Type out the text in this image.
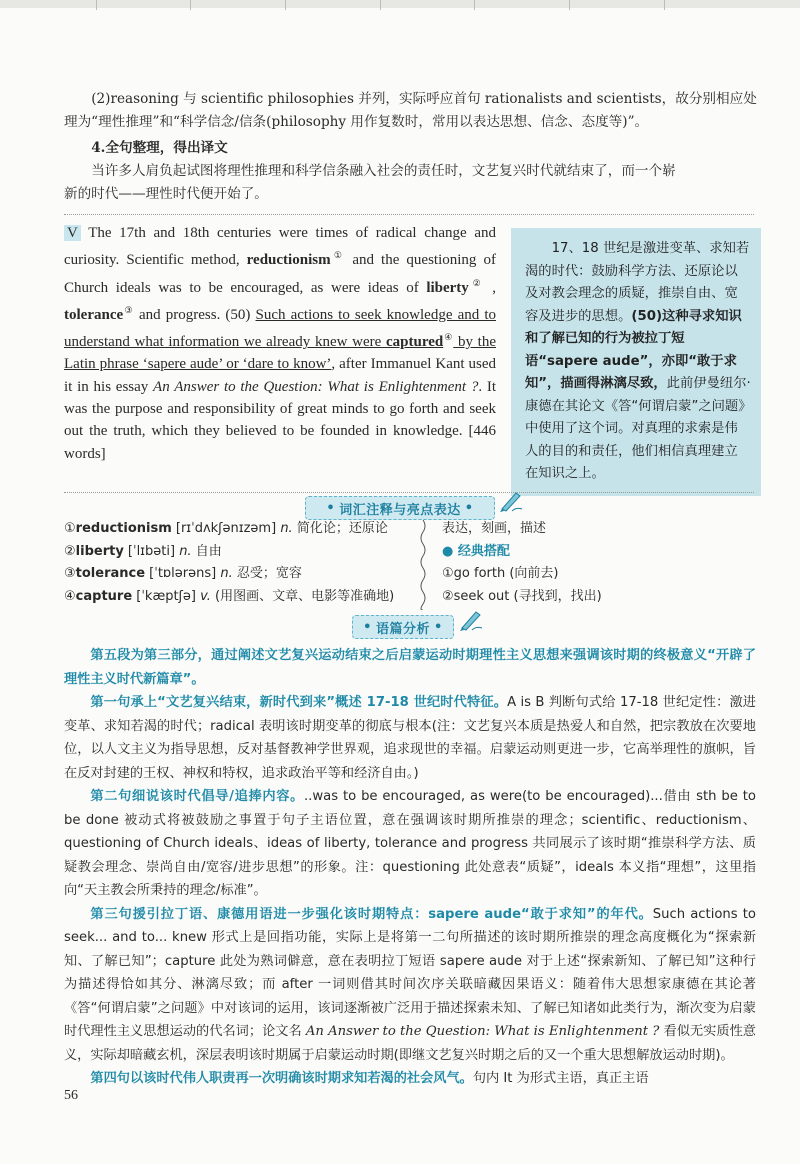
(2)reasoning 与 scientific philosophies 并列，实际呼应首句 rationalists and scientists，故分别相应处
理为“理性推理”和“科学信念/信条(philosophy 用作复数时，常用以表达思想、信念、态度等)”。
4.全句整理，得出译文
当许多人肩负起试图将理性推理和科学信条融入社会的责任时，文艺复兴时代就结束了，而一个崭
新的时代——理性时代便开始了。
V The 17th and 18th centuries were times of radical change and curiosity. Scientific method, reductionism① and the questioning of Church ideals was to be encouraged, as were ideas of liberty② , tolerance③ and progress. (50) Such actions to seek knowledge and to understand what information we already knew were captured④ by the Latin phrase ‘sapere aude’ or ‘dare to know’, after Immanuel Kant used it in his essay An Answer to the Question: What is Enlightenment ?. It was the purpose and responsibility of great minds to go forth and seek out the truth, which they believed to be founded in knowledge. [446 words]
17、18 世纪是激进变革、求知若渴的时代：鼓励科学方法、还原论以及对教会理念的质疑，推崇自由、宽容及进步的思想。(50)这种寻求知识和了解已知的行为被拉丁短语“sapere aude”，亦即“敢于求知”，描画得淋漓尽致，此前伊曼纽尔·康德在其论文《答“何谓启蒙”之问题》中使用了这个词。对真理的求索是伟人的目的和责任，他们相信真理建立在知识之上。
• 词汇注释与亮点表达 •
①reductionism [rɪˈdʌkʃənɪzəm] n. 简化论；还原论
②liberty [ˈlɪbəti] n. 自由
③tolerance [ˈtɒlərəns] n. 忍受；宽容
④capture [ˈkæptʃə] v. (用图画、文章、电影等准确地)
表达，刻画，描述
● 经典搭配
①go forth (向前去)
②seek out (寻找到，找出)
• 语篇分析 •
第五段为第三部分，通过阐述文艺复兴运动结束之后启蒙运动时期理性主义思想来强调该时期的终极意义“开辟了理性主义时代新篇章”。
第一句承上“文艺复兴结束，新时代到来”概述 17-18 世纪时代特征。A is B 判断句式给 17-18 世纪定性：激进变革、求知若渴的时代；radical 表明该时期变革的彻底与根本(注：文艺复兴本质是热爱人和自然，把宗教放在次要地位，以人文主义为指导思想，反对基督教神学世界观，追求现世的幸福。启蒙运动则更进一步，它高举理性的旗帜，旨在反对封建的王权、神权和特权，追求政治平等和经济自由。)
第二句细说该时代倡导/追捧内容。..was to be encouraged, as were(to be encouraged)...借由 sth be to be done 被动式将被鼓励之事置于句子主语位置，意在强调该时期所推崇的理念；scientific、reductionism、questioning of Church ideals、ideas of liberty, tolerance and progress 共同展示了该时期“推崇科学方法、质疑教会理念、崇尚自由/宽容/进步思想”的形象。注：questioning 此处意表“质疑”，ideals 本义指“理想”，这里指向“天主教会所秉持的理念/标准”。
第三句援引拉丁语、康德用语进一步强化该时期特点：sapere aude“敢于求知”的年代。Such actions to seek... and to... knew 形式上是回指功能，实际上是将第一二句所描述的该时期所推崇的理念高度概化为“探索新知、了解已知”；capture 此处为熟词僻意，意在表明拉丁短语 sapere aude 对于上述“探索新知、了解已知”这种行为描述得恰如其分、淋漓尽致；而 after 一词则借其时间次序关联暗藏因果语义：随着伟大思想家康德在其论著《答“何谓启蒙”之问题》中对该词的运用，该词逐渐被广泛用于描述探索未知、了解已知诸如此类行为，渐次变为启蒙时代理性主义思想运动的代名词；论文名 An Answer to the Question: What is Enlightenment ? 看似无实质性意义，实际却暗藏玄机，深层表明该时期属于启蒙运动时期(即继文艺复兴时期之后的又一个重大思想解放运动时期)。
第四句以该时代伟人职责再一次明确该时期求知若渴的社会风气。句内 It 为形式主语，真正主语
56
